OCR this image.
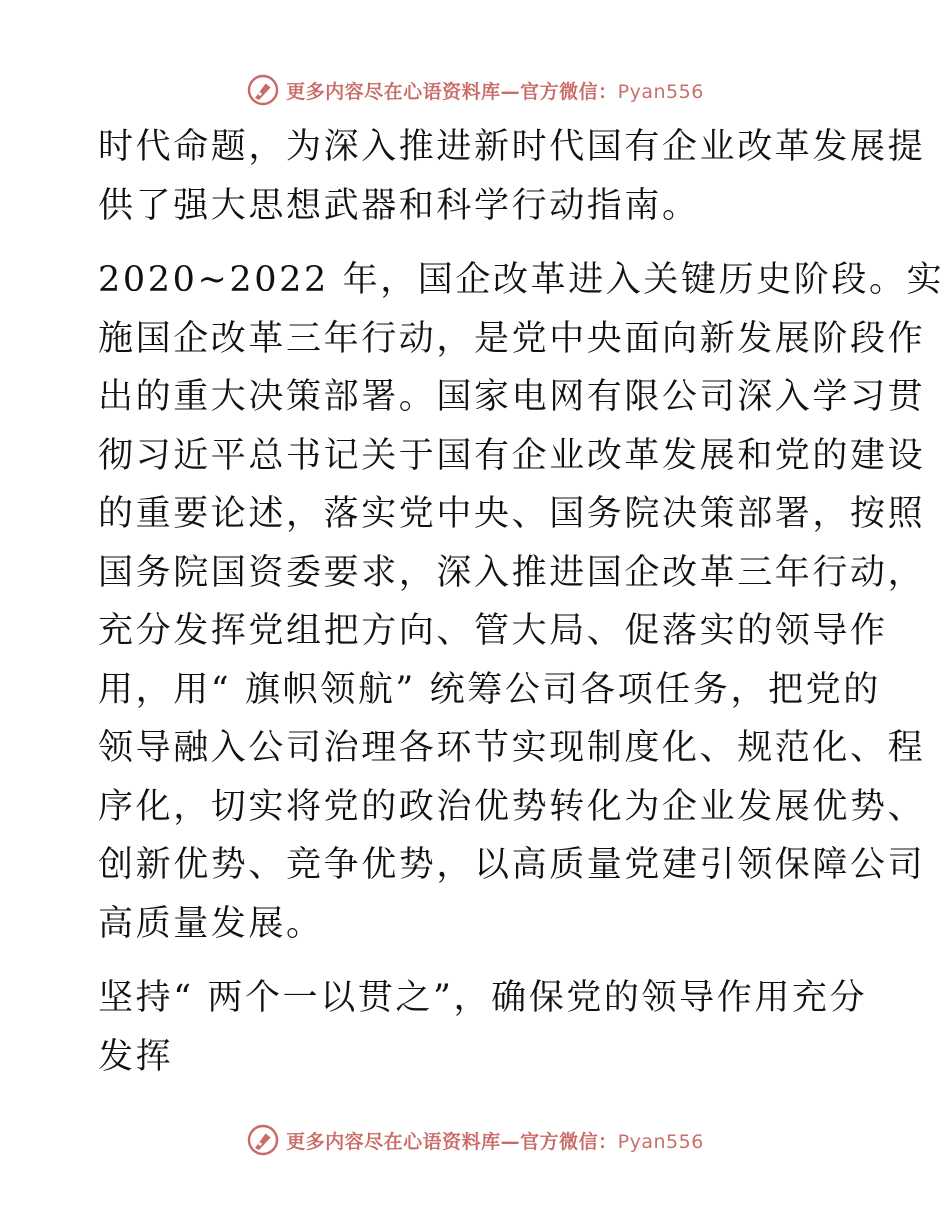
更多内容尽在心语资料库—官方微信：Pyan556

时代命题，为深入推进新时代国有企业改革发展提
供了强大思想武器和科学行动指南。

2020~2022 年，国企改革进入关键历史阶段。实
施国企改革三年行动，是党中央面向新发展阶段作
出的重大决策部署。国家电网有限公司深入学习贯
彻习近平总书记关于国有企业改革发展和党的建设
的重要论述，落实党中央、国务院决策部署，按照
国务院国资委要求，深入推进国企改革三年行动，
充分发挥党组把方向、管大局、促落实的领导作
用，用“ 旗帜领航” 统筹公司各项任务，把党的
领导融入公司治理各环节实现制度化、规范化、程
序化，切实将党的政治优势转化为企业发展优势、
创新优势、竞争优势，以高质量党建引领保障公司
高质量发展。

坚持“ 两个一以贯之”，确保党的领导作用充分
发挥

更多内容尽在心语资料库—官方微信：Pyan556
